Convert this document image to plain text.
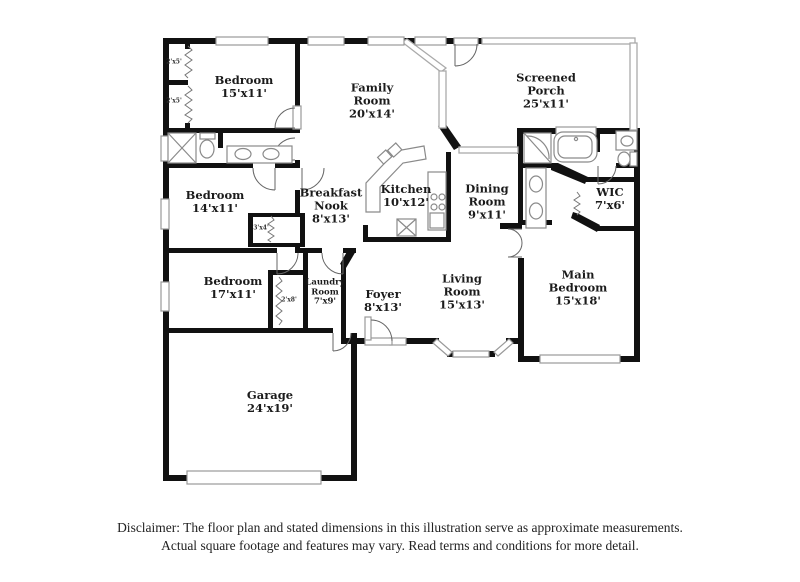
Bedroom
15'x11'	Family Room
20'x14'
Screened Porch
25'x11'
Bedroom
14'x11'
Breakfast Nook
8'x13'
Kitchen
10'x12'
Dining Room
9'x11'
WIC
7'x6'
Bedroom
17'x11'
Laundry Room
7'x9'
Foyer
8'x13'
Living Room
15'x13'
Main Bedroom
15'x18'
Garage
24'x19'
2'x5'
2'x5'
3'x4'
2'x8'
Disclaimer: The floor plan and stated dimensions in this illustration serve as approximate measurements.
Actual square footage and features may vary. Read terms and conditions for more detail.
